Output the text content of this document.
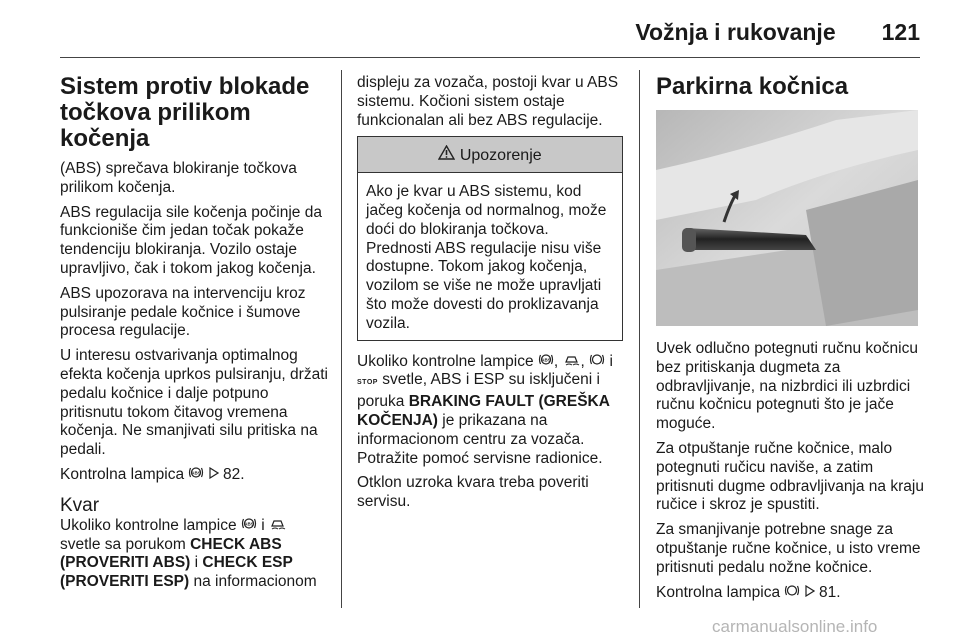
Vožnja i rukovanje 121
Sistem protiv blokade točkova prilikom kočenja

(ABS) sprečava blokiranje točkova prilikom kočenja.

ABS regulacija sile kočenja počinje da funkcioniše čim jedan točak pokaže tendenciju blokiranja. Vozilo ostaje upravljivo, čak i tokom jakog kočenja.

ABS upozorava na intervenciju kroz pulsiranje pedale kočnice i šumove procesa regulacije.

U interesu ostvarivanja optimalnog efekta kočenja uprkos pulsiranju, držati pedalu kočnice i dalje potpuno pritisnutu tokom čitavog vremena kočenja. Ne smanjivati silu pritiska na pedali.

Kontrolna lampica ABS 82.

Kvar

Ukoliko kontrolne lampice ABS i  svetle sa porukom CHECK ABS (PROVERITI ABS) i CHECK ESP (PROVERITI ESP) na informacionom

displeju za vozača, postoji kvar u ABS sistemu. Kočioni sistem ostaje funkcionalan ali bez ABS regulacije.

Upozorenje
Ako je kvar u ABS sistemu, kod jačeg kočenja od normalnog, može doći do blokiranja točkova. Prednosti ABS regulacije nisu više dostupne. Tokom jakog kočenja, vozilom se više ne može upravljati što može dovesti do proklizavanja vozila.

Ukoliko kontrolne lampice ABS , , i STOP svetle, ABS i ESP su isključeni i poruka BRAKING FAULT (GREŠKA KOČENJA) je prikazana na informacionom centru za vozača. Potražite pomoć servisne radionice.

Otklon uzroka kvara treba poveriti servisu.

Parkirna kočnica

Uvek odlučno potegnuti ručnu kočnicu bez pritiskanja dugmeta za odbravljivanje, na nizbrdici ili uzbrdici ručnu kočnicu potegnuti što je jače moguće.

Za otpuštanje ručne kočnice, malo potegnuti ručicu naviše, a zatim pritisnuti dugme odbravljivanja na kraju ručice i skroz je spustiti.

Za smanjivanje potrebne snage za otpuštanje ručne kočnice, u isto vreme pritisnuti pedalu nožne kočnice.

Kontrolna lampica	81.

carmanualsonline.info
